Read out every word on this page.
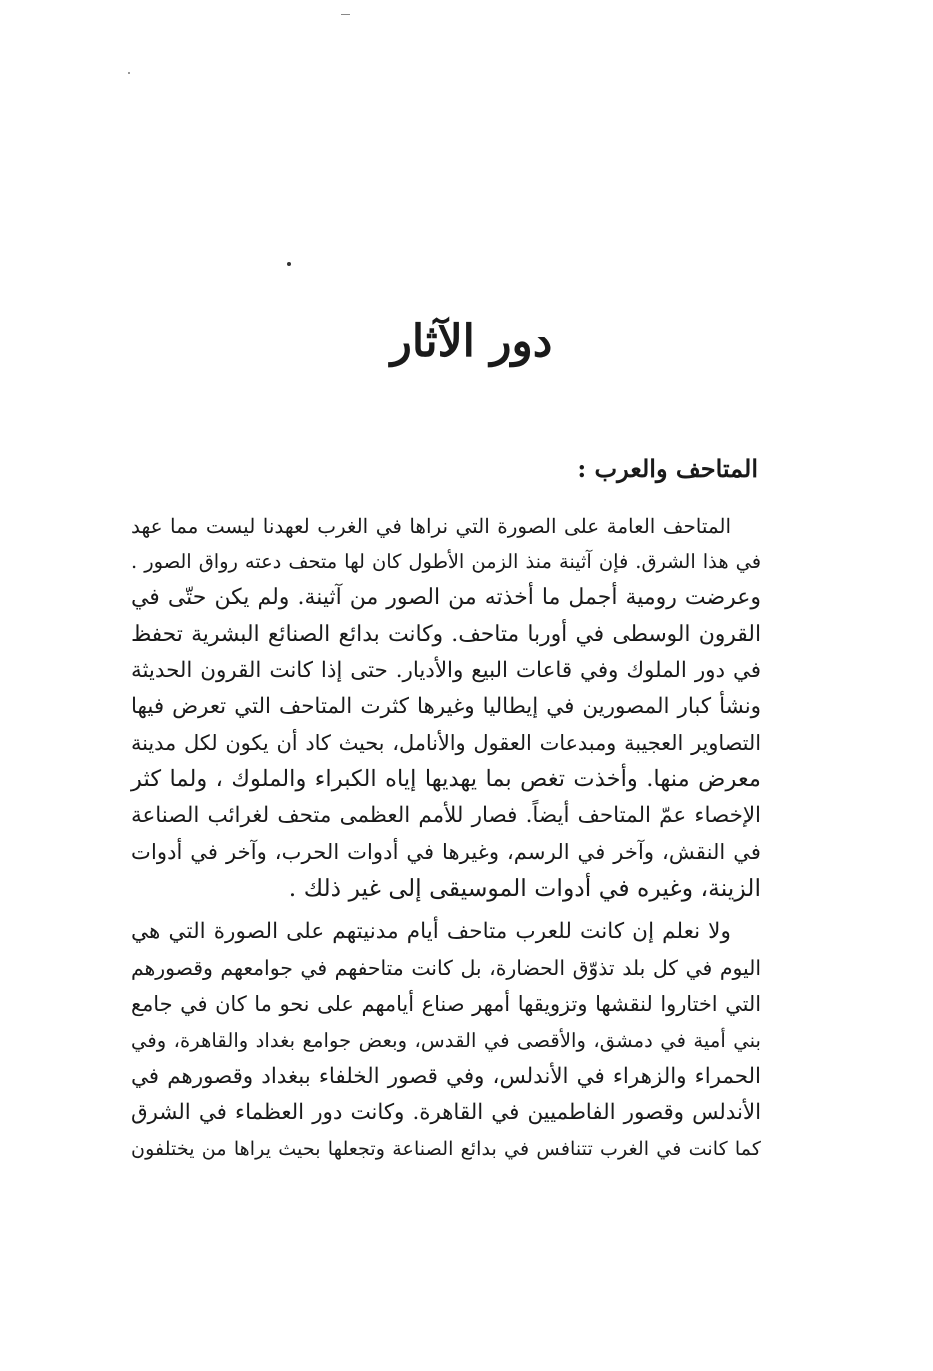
دور الآثار
المتاحف والعرب :
المتاحف العامة على الصورة التي نراها في الغرب لعهدنا ليست مما عهد
في هذا الشرق. فإن آثينة منذ الزمن الأطول كان لها متحف دعته رواق الصور .
وعرضت رومية أجمل ما أخذته من الصور من آثينة. ولم يكن حتّى في
القرون الوسطى في أوربا متاحف. وكانت بدائع الصنائع البشرية تحفظ
في دور الملوك وفي قاعات البيع والأديار. حتى إذا كانت القرون الحديثة
ونشأ كبار المصورين في إيطاليا وغيرها كثرت المتاحف التي تعرض فيها
التصاوير العجيبة ومبدعات العقول والأنامل، بحيث كاد أن يكون لكل مدينة
معرض منها. وأخذت تغص بما يهديها إياه الكبراء والملوك ، ولما كثر
الإخصاء عمّ المتاحف أيضاً. فصار للأمم العظمى متحف لغرائب الصناعة
في النقش، وآخر في الرسم، وغيرها في أدوات الحرب، وآخر في أدوات
الزينة، وغيره في أدوات الموسيقى إلى غير ذلك .
ولا نعلم إن كانت للعرب متاحف أيام مدنيتهم على الصورة التي هي
اليوم في كل بلد تذوّق الحضارة، بل كانت متاحفهم في جوامعهم وقصورهم
التي اختاروا لنقشها وتزويقها أمهر صناع أيامهم على نحو ما كان في جامع
بني أمية في دمشق، والأقصى في القدس، وبعض جوامع بغداد والقاهرة، وفي
الحمراء والزهراء في الأندلس، وفي قصور الخلفاء ببغداد وقصورهم في
الأندلس وقصور الفاطميين في القاهرة. وكانت دور العظماء في الشرق
كما كانت في الغرب تتنافس في بدائع الصناعة وتجعلها بحيث يراها من يختلفون
